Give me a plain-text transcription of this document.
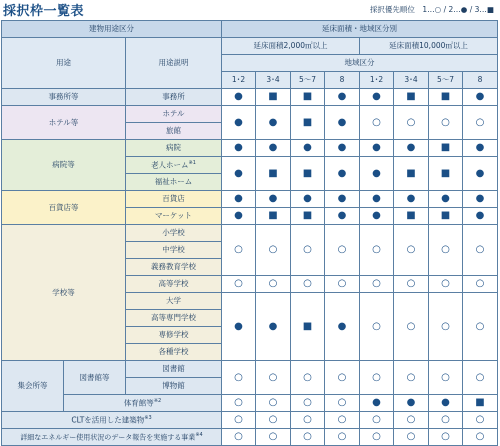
採択枠一覧表	採択優先順位　1…○ / 2…● / 3…■
建物用途区分			延床面積・地域区分別							
用途		用途説明	延床面積2,000㎡以上				延床面積10,000㎡以上			
			地域区分							
			1･2	3･4	5〜7	8	1･2	3･4	5〜7	8
事務所等		事務所	●	■	■	●	●	■	■	●
ホテル等		ホテル	●	●	■	●	○	○	○	○
		旅館								
病院等		病院	●	●	●	●	●	●	■	●
		老人ホーム$^{※1}$	●	■	■	●	●	■	■	●
		福祉ホーム								
百貨店等		百貨店	●	●	●	●	●	●	●	●
		マーケット	●	■	■	●	●	■	■	●
学校等		小学校	○	○	○	○	○	○	○	○
		中学校								
		義務教育学校								
		高等学校	○	○	○	○	○	○	○	○
		大学	●	●	■	●	○	○	○	○
		高等専門学校								
		専修学校								
		各種学校								
集会所等	図書館等	図書館	○	○	○	○	○	○	○	○
		博物館								
	体育館等$^{※2}$		○	○	○	○	●	●	●	■
CLTを活用した建築物$^{※3}$			○	○	○	○	○	○	○	○
詳細なエネルギー使用状況のデータ報告を実施する事業$^{※4}$			○	○	○	○	○	○	○	○
